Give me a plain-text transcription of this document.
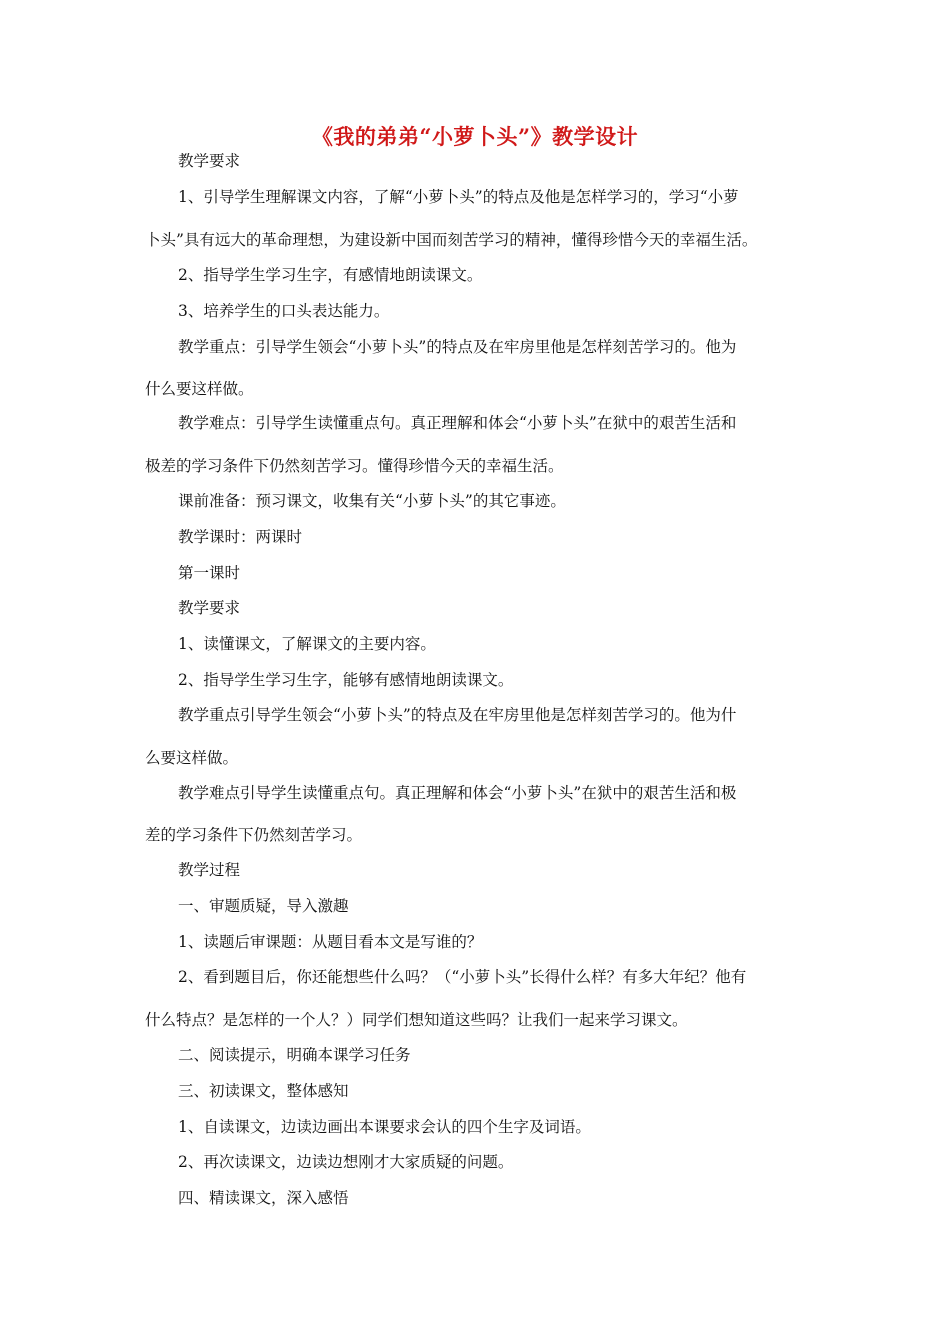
《我的弟弟“小萝卜头”》教学设计
教学要求
1、引导学生理解课文内容，了解“小萝卜头”的特点及他是怎样学习的，学习“小萝
卜头”具有远大的革命理想，为建设新中国而刻苦学习的精神，懂得珍惜今天的幸福生活。
2、指导学生学习生字，有感情地朗读课文。
3、培养学生的口头表达能力。
教学重点：引导学生领会“小萝卜头”的特点及在牢房里他是怎样刻苦学习的。他为
什么要这样做。
教学难点：引导学生读懂重点句。真正理解和体会“小萝卜头”在狱中的艰苦生活和
极差的学习条件下仍然刻苦学习。懂得珍惜今天的幸福生活。
课前准备：预习课文，收集有关“小萝卜头”的其它事迹。
教学课时：两课时
第一课时
教学要求
1、读懂课文，了解课文的主要内容。
2、指导学生学习生字，能够有感情地朗读课文。
教学重点引导学生领会“小萝卜头”的特点及在牢房里他是怎样刻苦学习的。他为什
么要这样做。
教学难点引导学生读懂重点句。真正理解和体会“小萝卜头”在狱中的艰苦生活和极
差的学习条件下仍然刻苦学习。
教学过程
一、审题质疑，导入激趣
1、读题后审课题：从题目看本文是写谁的？
2、看到题目后，你还能想些什么吗？（“小萝卜头”长得什么样？有多大年纪？他有
什么特点？是怎样的一个人？）同学们想知道这些吗？让我们一起来学习课文。
二、阅读提示，明确本课学习任务
三、初读课文，整体感知
1、自读课文，边读边画出本课要求会认的四个生字及词语。
2、再次读课文，边读边想刚才大家质疑的问题。
四、精读课文，深入感悟
